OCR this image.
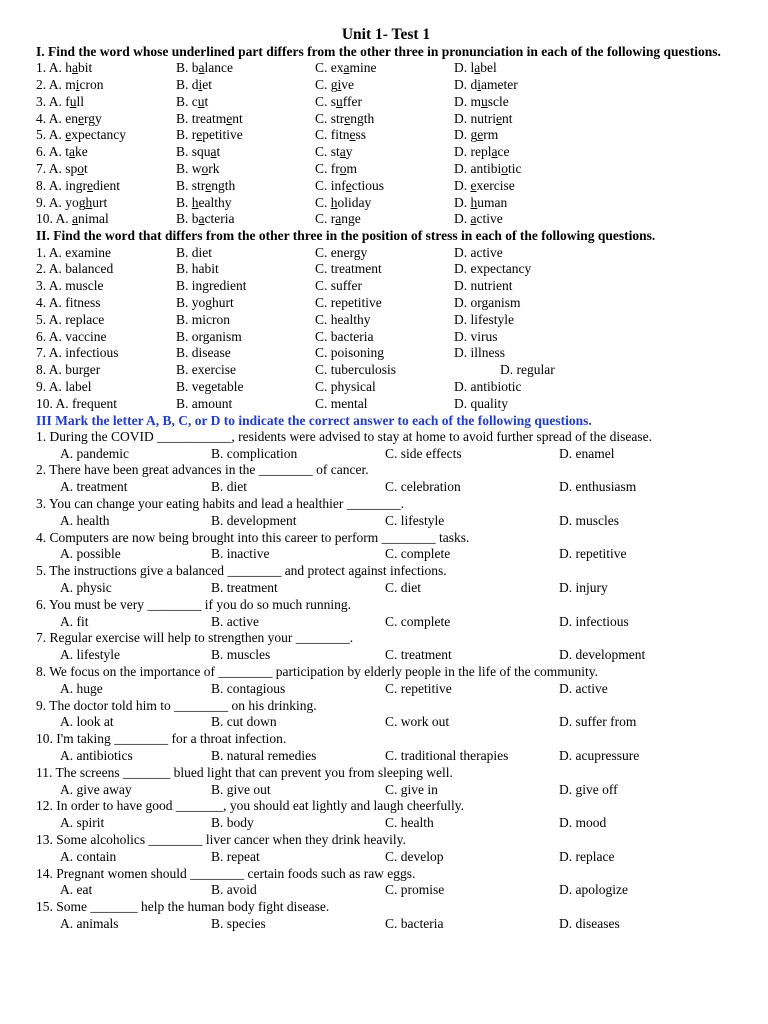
Unit 1- Test 1
I. Find the word whose underlined part differs from the other three in pronunciation in each of the following questions.
1. A. habit	B. balance	C. examine	D. label
2. A. micron	B. diet	C. give	D. diameter
3. A. full	B. cut	C. suffer	D. muscle
4. A. energy	B. treatment	C. strength	D. nutrient
5. A. expectancy	B. repetitive	C. fitness	D. germ
6. A. take	B. squat	C. stay	D. replace
7. A. spot	B. work	C. from	D. antibiotic
8. A. ingredient	B. strength	C. infectious	D. exercise
9. A. yoghurt	B. healthy	C. holiday	D. human
10. A. animal	B. bacteria	C. range	D. active
II. Find the word that differs from the other three in the position of stress in each of the following questions.
1. A. examine	B. diet	C. energy	D. active
2. A. balanced	B. habit	C. treatment	D. expectancy
3. A. muscle	B. ingredient	C. suffer	D. nutrient
4. A. fitness	B. yoghurt	C. repetitive	D. organism
5. A. replace	B. micron	C. healthy	D. lifestyle
6. A. vaccine	B. organism	C. bacteria	D. virus
7. A. infectious	B. disease	C. poisoning	D. illness
8. A. burger	B. exercise	C. tuberculosis	D. regular
9. A. label	B. vegetable	C. physical	D. antibiotic
10. A. frequent	B. amount	C. mental	D. quality
III Mark the letter A, B, C, or D to indicate the correct answer to each of the following questions.
1. During the COVID ___________, residents were advised to stay at home to avoid further spread of the disease.
A. pandemic	B. complication	C. side effects	D. enamel
2. There have been great advances in the ________ of cancer.
A. treatment	B. diet	C. celebration	D. enthusiasm
3. You can change your eating habits and lead a healthier ________.
A. health	B. development	C. lifestyle	D. muscles
4. Computers are now being brought into this career to perform ________ tasks.
A. possible	B. inactive	C. complete	D. repetitive
5. The instructions give a balanced ________ and protect against infections.
A. physic	B. treatment	C. diet	D. injury
6. You must be very ________ if you do so much running.
A. fit	B. active	C. complete	D. infectious
7. Regular exercise will help to strengthen your ________.
A. lifestyle	B. muscles	C. treatment	D. development
8. We focus on the importance of ________ participation by elderly people in the life of the community.
A. huge	B. contagious	C. repetitive	D. active
9. The doctor told him to ________ on his drinking.
A. look at	B. cut down	C. work out	D. suffer from
10. I'm taking ________ for a throat infection.
A. antibiotics	B. natural remedies	C. traditional therapies	D. acupressure
11. The screens _______ blued light that can prevent you from sleeping well.
A. give away	B. give out	C. give in	D. give off
12. In order to have good _______, you should eat lightly and laugh cheerfully.
A. spirit	B. body	C. health	D. mood
13. Some alcoholics ________ liver cancer when they drink heavily.
A. contain	B. repeat	C. develop	D. replace
14. Pregnant women should ________ certain foods such as raw eggs.
A. eat	B. avoid	C. promise	D. apologize
15. Some _______ help the human body fight disease.
A. animals	B. species	C. bacteria	D. diseases
